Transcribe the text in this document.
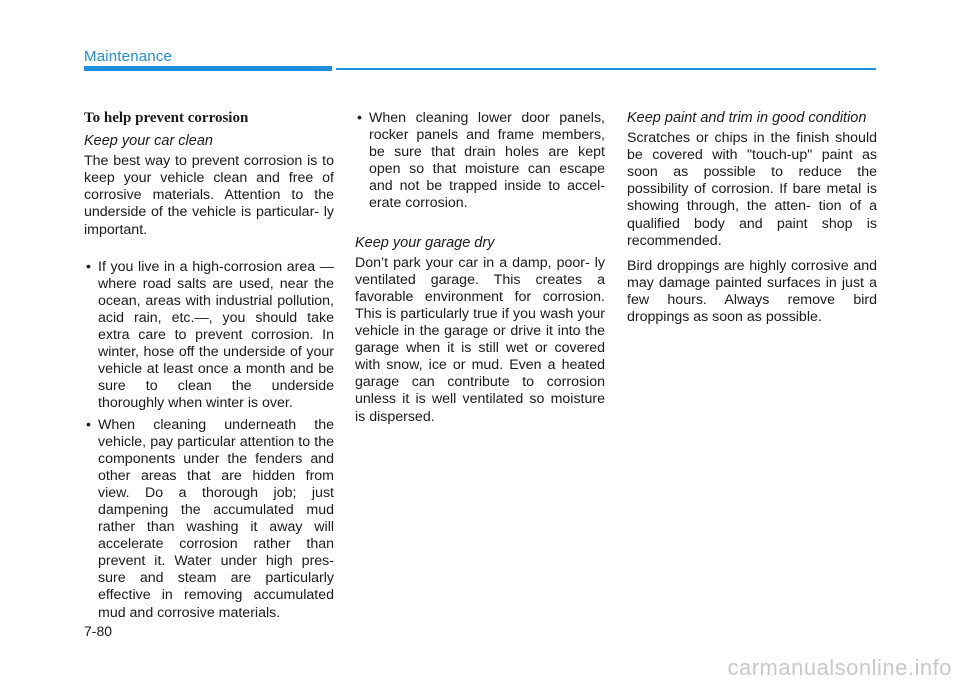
Maintenance
To help prevent corrosion
Keep your car clean

The best way to prevent corrosion is to keep your vehicle clean and free of corrosive materials. Attention to the underside of the vehicle is particular- ly important.

• If you live in a high-corrosion area — where road salts are used, near the ocean, areas with industrial pollution, acid rain, etc.—, you should take extra care to prevent corrosion. In winter, hose off the underside of your vehicle at least once a month and be sure to clean the underside thoroughly when winter is over.
• When cleaning underneath the vehicle, pay particular attention to the components under the fenders and other areas that are hidden from view. Do a thorough job; just dampening the accumulated mud rather than washing it away will accelerate corrosion rather than prevent it. Water under high pres- sure and steam are particularly effective in removing accumulated mud and corrosive materials.
• When cleaning lower door panels, rocker panels and frame members, be sure that drain holes are kept open so that moisture can escape and not be trapped inside to accel- erate corrosion.
Keep your garage dry

Don’t park your car in a damp, poor- ly ventilated garage. This creates a favorable environment for corrosion. This is particularly true if you wash your vehicle in the garage or drive it into the garage when it is still wet or covered with snow, ice or mud. Even a heated garage can contribute to corrosion unless it is well ventilated so moisture is dispersed.

Keep paint and trim in good condition

Scratches or chips in the finish should be covered with "touch-up" paint as soon as possible to reduce the possibility of corrosion. If bare metal is showing through, the atten- tion of a qualified body and paint shop is recommended.

Bird droppings are highly corrosive and may damage painted surfaces in just a few hours. Always remove bird droppings as soon as possible.

7-80
carmanualsonline.info
